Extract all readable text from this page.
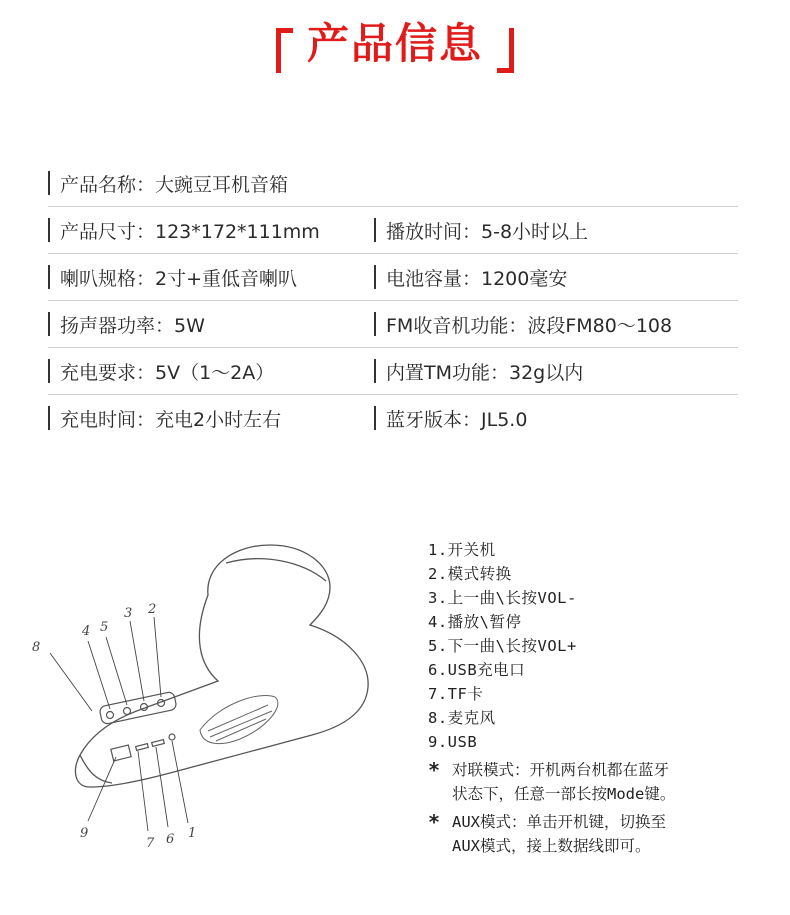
产品信息
产品名称：大豌豆耳机音箱
产品尺寸：123*172*111mm	播放时间：5-8小时以上
喇叭规格：2寸+重低音喇叭	电池容量：1200毫安
扬声器功率：5W	FM收音机功能：波段FM80～108
充电要求：5V（1～2A）	内置TM功能：32g以内
充电时间：充电2小时左右	蓝牙版本：JL5.0
8
4 5
3 2
9
7 6 1
1.开关机
2.模式转换
3.上一曲\长按VOL-
4.播放\暂停
5.下一曲\长按VOL+
6.USB充电口
7.TF卡
8.麦克风
9.USB
* 对联模式：开机两台机都在蓝牙
状态下，任意一部长按Mode键。
* AUX模式：单击开机键，切换至
AUX模式，接上数据线即可。
